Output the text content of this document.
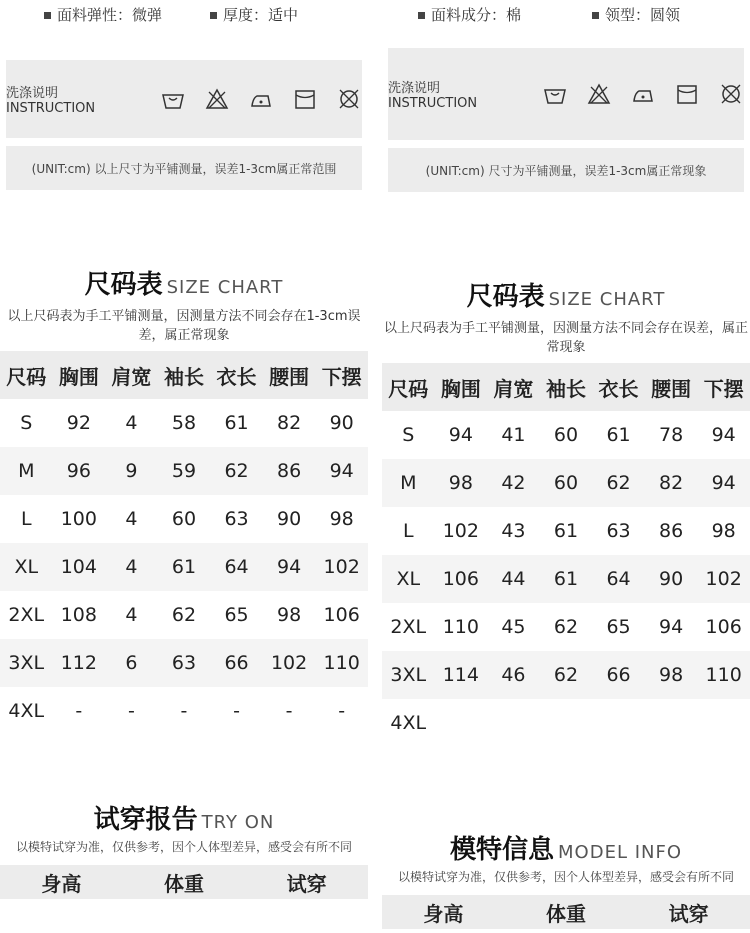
面料弹性：微弹	厚度：适中
洗涤说明 INSTRUCTION
(UNIT:cm) 以上尺寸为平铺测量，误差1-3cm属正常范围
尺码表 SIZE CHART
以上尺码表为手工平铺测量，因测量方法不同会存在1-3cm误差，属正常现象
尺码	胸围	肩宽	袖长	衣长	腰围	下摆
S	92	4	58	61	82	90
M	96	9	59	62	86	94
L	100	4	60	63	90	98
XL	104	4	61	64	94	102
2XL	108	4	62	65	98	106
3XL	112	6	63	66	102	110
4XL	-	-	-	-	-	-
试穿报告 TRY ON
以模特试穿为准，仅供参考，因个人体型差异，感受会有所不同
身高	体重	试穿
面料成分：棉	领型：圆领
洗涤说明 INSTRUCTION
(UNIT:cm) 尺寸为平铺测量，误差1-3cm属正常现象
尺码表 SIZE CHART
以上尺码表为手工平铺测量，因测量方法不同会存在误差，属正常现象
尺码	胸围	肩宽	袖长	衣长	腰围	下摆
S	94	41	60	61	78	94
M	98	42	60	62	82	94
L	102	43	61	63	86	98
XL	106	44	61	64	90	102
2XL	110	45	62	65	94	106
3XL	114	46	62	66	98	110
4XL						
模特信息 MODEL INFO
以模特试穿为准，仅供参考，因个人体型差异，感受会有所不同
身高	体重	试穿
